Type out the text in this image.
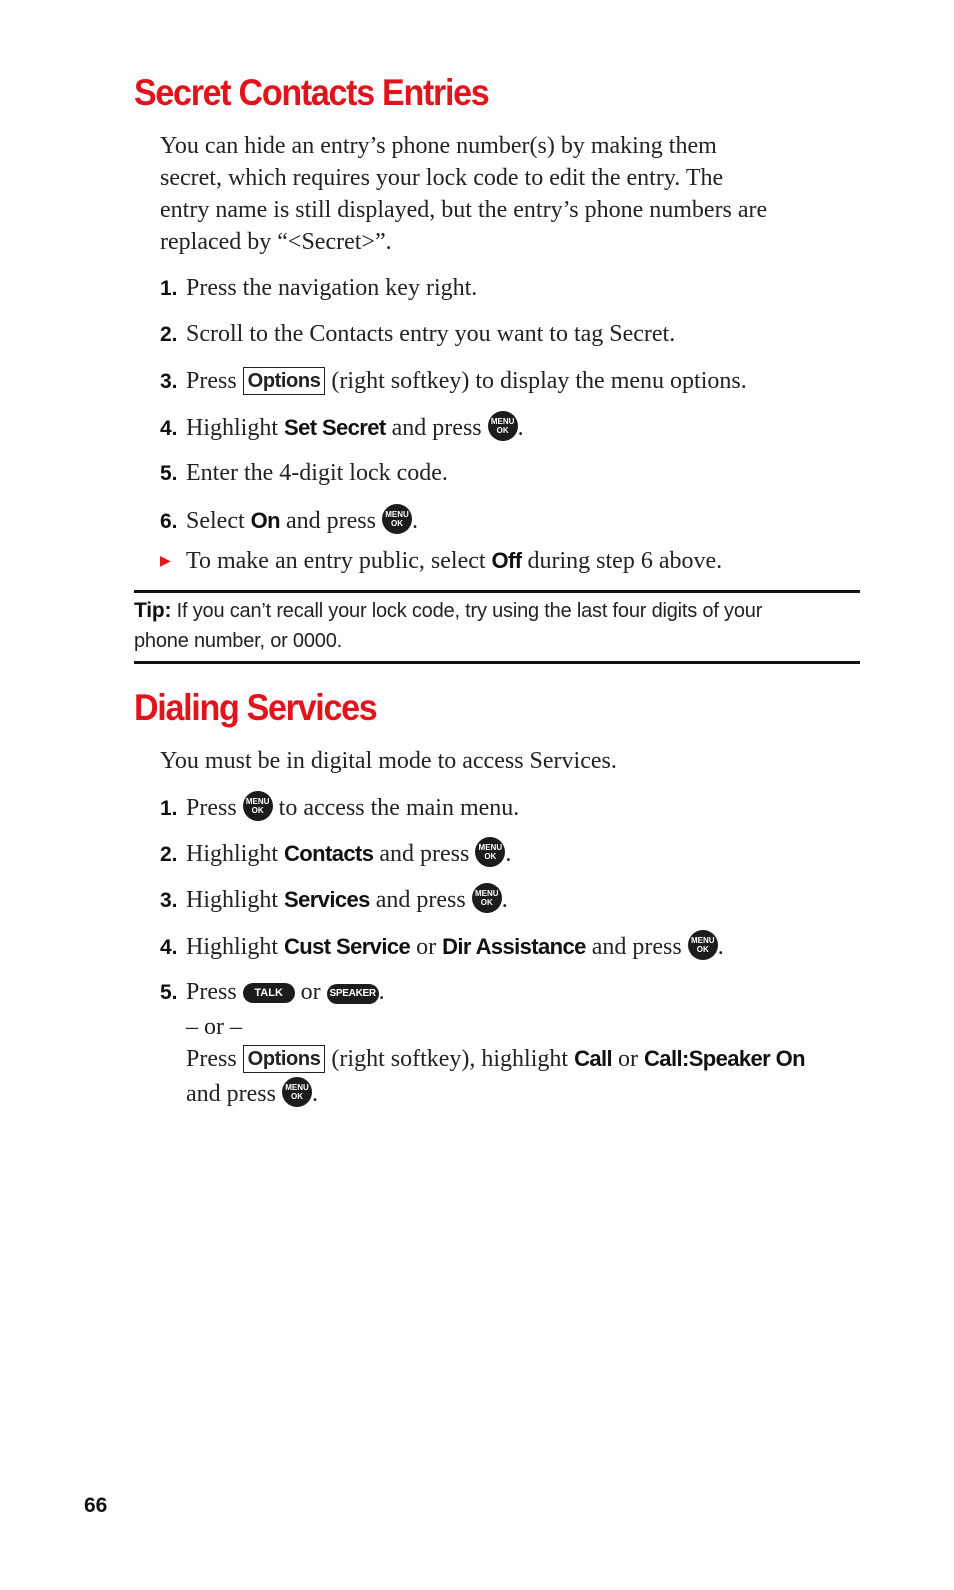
Secret Contacts Entries

You can hide an entry’s phone number(s) by making them
secret, which requires your lock code to edit the entry. The
entry name is still displayed, but the entry’s phone numbers are
replaced by “<Secret>”.

1. Press the navigation key right.
2. Scroll to the Contacts entry you want to tag Secret.
3. Press Options (right softkey) to display the menu options.
4. Highlight Set Secret and press MENU
OK .
5. Enter the 4-digit lock code.
6. Select On and press MENU
OK .
▶ To make an entry public, select Off during step 6 above.

Tip: If you can’t recall your lock code, try using the last four digits of your
phone number, or 0000.

Dialing Services
You must be in digital mode to access Services.
1. Press MENU
OK to access the main menu.
2. Highlight Contacts and press MENU
OK .
3. Highlight Services and press MENU
OK .
4. Highlight Cust Service or Dir Assistance and press MENU
OK .
5. Press TALK or SPEAKER .
– or –
Press Options (right softkey), highlight Call or Call:Speaker On
and press MENU
OK .
66
